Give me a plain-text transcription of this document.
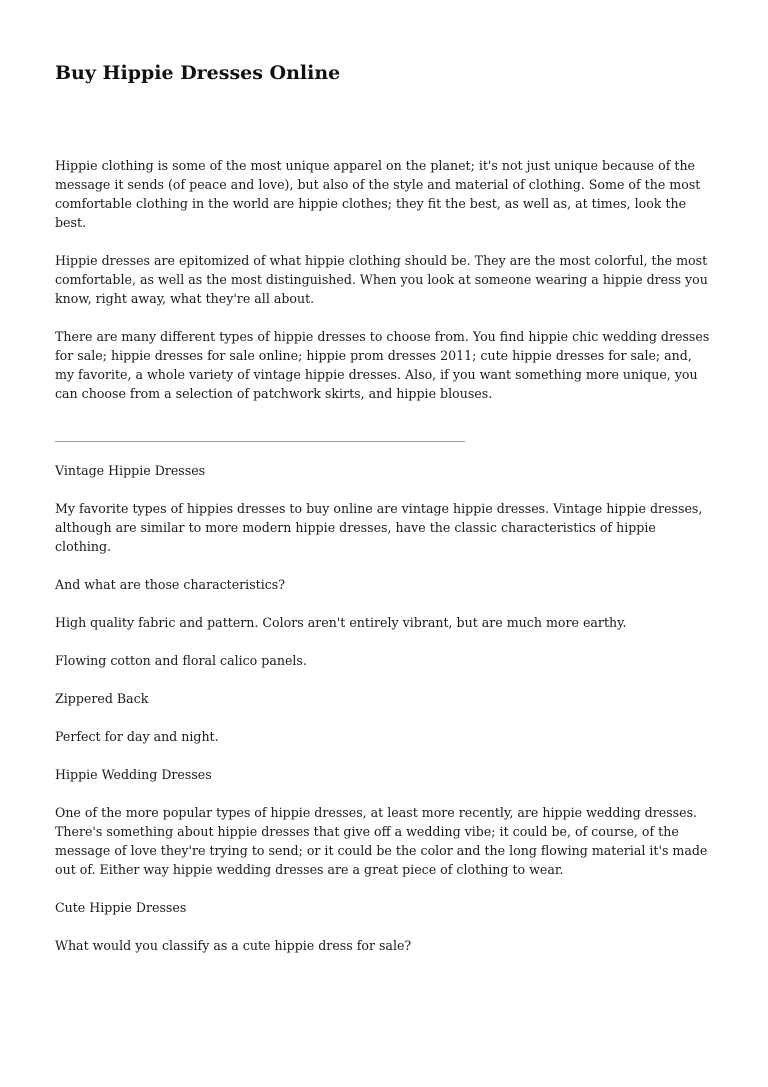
Buy Hippie Dresses Online

Hippie clothing is some of the most unique apparel on the planet; it's not just unique because of the message it sends (of peace and love), but also of the style and material of clothing. Some of the most comfortable clothing in the world are hippie clothes; they fit the best, as well as, at times, look the best.

Hippie dresses are epitomized of what hippie clothing should be. They are the most colorful, the most comfortable, as well as the most distinguished. When you look at someone wearing a hippie dress you know, right away, what they're all about.

There are many different types of hippie dresses to choose from. You find hippie chic wedding dresses for sale; hippie dresses for sale online; hippie prom dresses 2011; cute hippie dresses for sale; and, my favorite, a whole variety of vintage hippie dresses. Also, if you want something more unique, you can choose from a selection of patchwork skirts, and hippie blouses.

Vintage Hippie Dresses

My favorite types of hippies dresses to buy online are vintage hippie dresses. Vintage hippie dresses, although are similar to more modern hippie dresses, have the classic characteristics of hippie clothing.

And what are those characteristics?

High quality fabric and pattern. Colors aren't entirely vibrant, but are much more earthy.

Flowing cotton and floral calico panels.

Zippered Back

Perfect for day and night.

Hippie Wedding Dresses

One of the more popular types of hippie dresses, at least more recently, are hippie wedding dresses. There's something about hippie dresses that give off a wedding vibe; it could be, of course, of the message of love they're trying to send; or it could be the color and the long flowing material it's made out of. Either way hippie wedding dresses are a great piece of clothing to wear.

Cute Hippie Dresses

What would you classify as a cute hippie dress for sale?
